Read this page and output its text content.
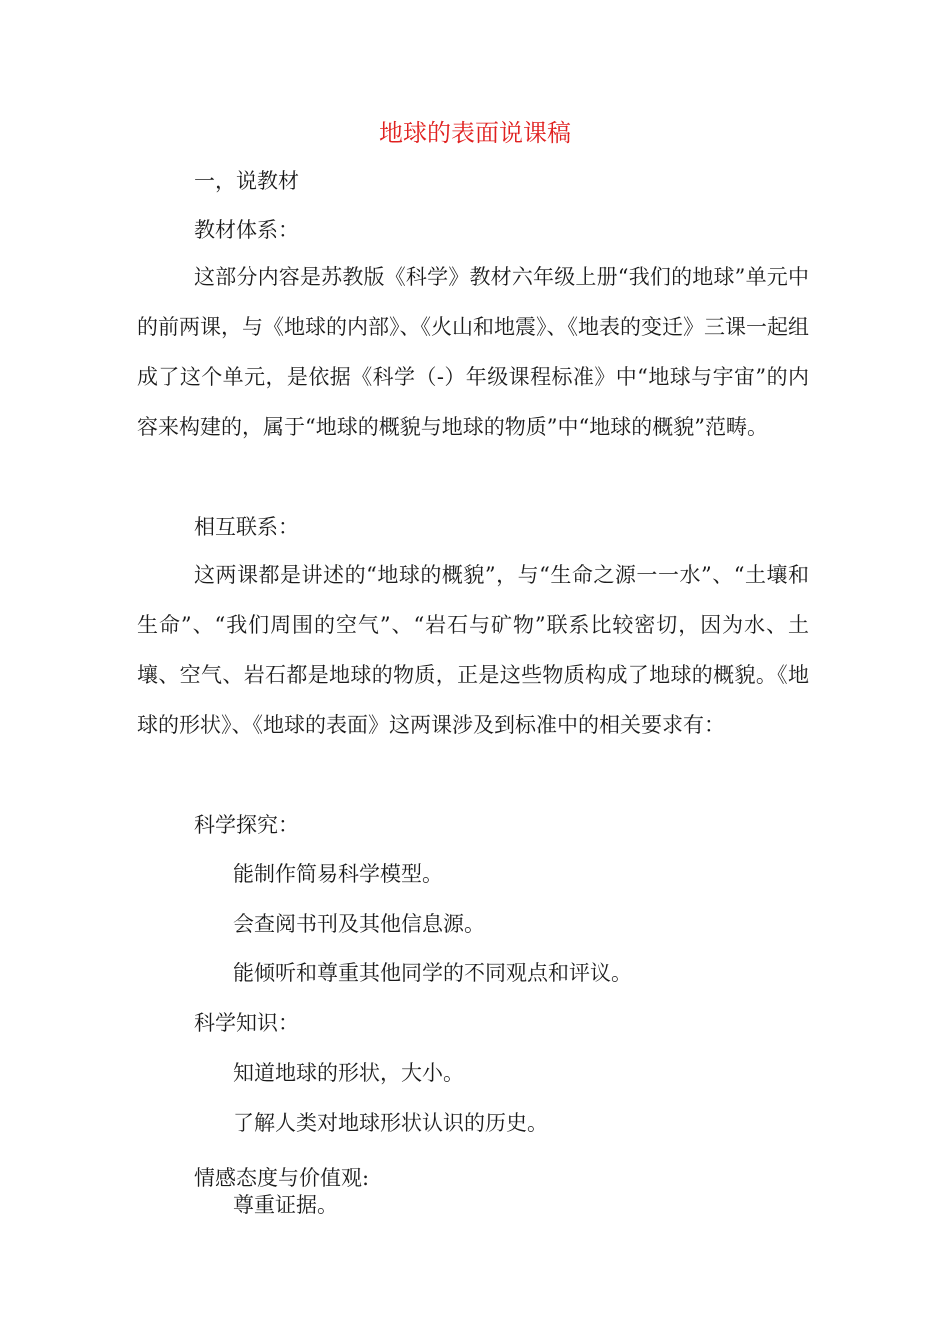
地球的表面说课稿

一，说教材

教材体系：

这部分内容是苏教版《科学》教材六年级上册“我们的地球”单元中的前两课，与《地球的内部》、《火山和地震》、《地表的变迁》三课一起组成了这个单元，是依据《科学（-）年级课程标准》中“地球与宇宙”的内容来构建的，属于“地球的概貌与地球的物质”中“地球的概貌”范畴。

相互联系：

这两课都是讲述的“地球的概貌”，与“生命之源一一水”、“土壤和生命”、“我们周围的空气”、“岩石与矿物”联系比较密切，因为水、土壤、空气、岩石都是地球的物质，正是这些物质构成了地球的概貌。《地球的形状》、《地球的表面》这两课涉及到标准中的相关要求有：

科学探究：

能制作简易科学模型。

会查阅书刊及其他信息源。

能倾听和尊重其他同学的不同观点和评议。

科学知识：

知道地球的形状，大小。

了解人类对地球形状认识的历史。

情感态度与价值观:

尊重证据。
